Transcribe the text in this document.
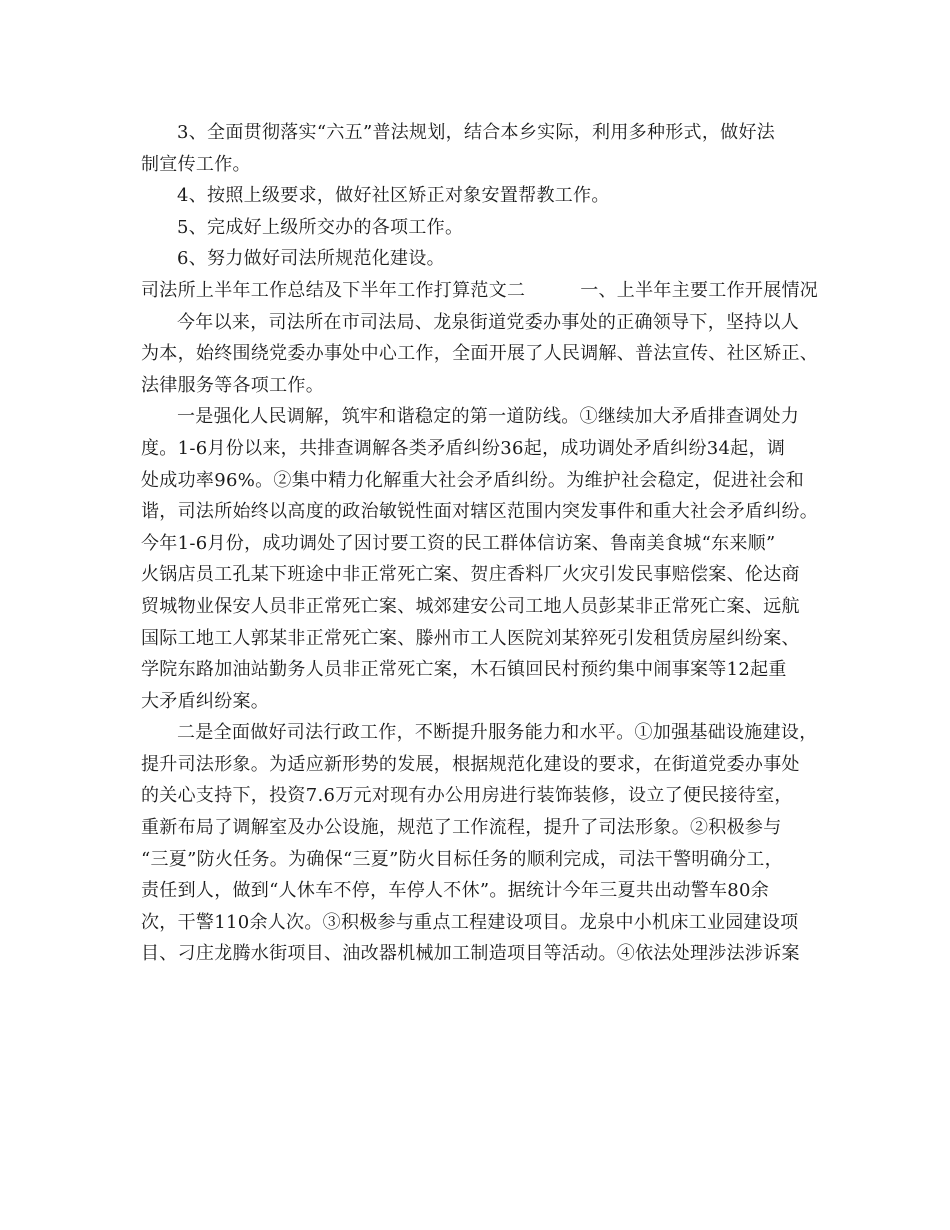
3、全面贯彻落实“六五”普法规划，结合本乡实际，利用多种形式，做好法
制宣传工作。
4、按照上级要求，做好社区矫正对象安置帮教工作。
5、完成好上级所交办的各项工作。
6、努力做好司法所规范化建设。
司法所上半年工作总结及下半年工作打算范文二　　　一、上半年主要工作开展情况
今年以来，司法所在市司法局、龙泉街道党委办事处的正确领导下，坚持以人
为本，始终围绕党委办事处中心工作，全面开展了人民调解、普法宣传、社区矫正、
法律服务等各项工作。
一是强化人民调解，筑牢和谐稳定的第一道防线。①继续加大矛盾排查调处力
度。1-6月份以来，共排查调解各类矛盾纠纷36起，成功调处矛盾纠纷34起，调
处成功率96%。②集中精力化解重大社会矛盾纠纷。为维护社会稳定，促进社会和
谐，司法所始终以高度的政治敏锐性面对辖区范围内突发事件和重大社会矛盾纠纷。
今年1-6月份，成功调处了因讨要工资的民工群体信访案、鲁南美食城“东来顺”
火锅店员工孔某下班途中非正常死亡案、贺庄香料厂火灾引发民事赔偿案、伦达商
贸城物业保安人员非正常死亡案、城郊建安公司工地人员彭某非正常死亡案、远航
国际工地工人郭某非正常死亡案、滕州市工人医院刘某猝死引发租赁房屋纠纷案、
学院东路加油站勤务人员非正常死亡案，木石镇回民村预约集中闹事案等12起重
大矛盾纠纷案。
二是全面做好司法行政工作，不断提升服务能力和水平。①加强基础设施建设，
提升司法形象。为适应新形势的发展，根据规范化建设的要求，在街道党委办事处
的关心支持下，投资7.6万元对现有办公用房进行装饰装修，设立了便民接待室，
重新布局了调解室及办公设施，规范了工作流程，提升了司法形象。②积极参与
“三夏”防火任务。为确保“三夏”防火目标任务的顺利完成，司法干警明确分工，
责任到人，做到“人休车不停，车停人不休”。据统计今年三夏共出动警车80余
次，干警110余人次。③积极参与重点工程建设项目。龙泉中小机床工业园建设项
目、刁庄龙腾水街项目、油改器机械加工制造项目等活动。④依法处理涉法涉诉案
